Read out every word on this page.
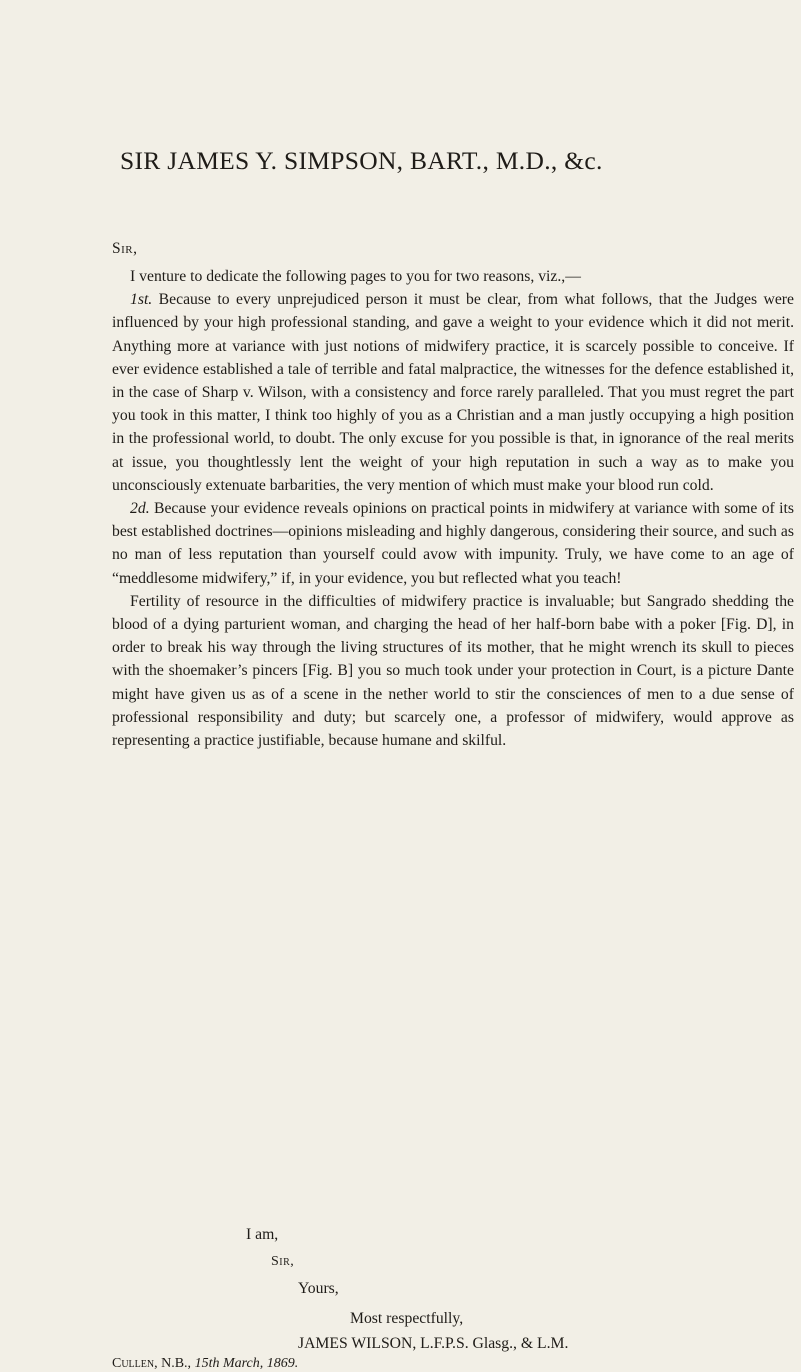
SIR JAMES Y. SIMPSON, BART., M.D., &c.
Sir,

I venture to dedicate the following pages to you for two reasons, viz.,—

1st. Because to every unprejudiced person it must be clear, from what follows, that the Judges were influenced by your high professional standing, and gave a weight to your evidence which it did not merit. Anything more at variance with just notions of midwifery practice, it is scarcely possible to conceive. If ever evidence established a tale of terrible and fatal malpractice, the witnesses for the defence established it, in the case of Sharp v. Wilson, with a consistency and force rarely paralleled. That you must regret the part you took in this matter, I think too highly of you as a Christian and a man justly occupying a high position in the professional world, to doubt. The only excuse for you possible is that, in ignorance of the real merits at issue, you thoughtlessly lent the weight of your high reputation in such a way as to make you unconsciously extenuate barbarities, the very mention of which must make your blood run cold.

2d. Because your evidence reveals opinions on practical points in midwifery at variance with some of its best established doctrines—opinions misleading and highly dangerous, considering their source, and such as no man of less reputation than yourself could avow with impunity. Truly, we have come to an age of “meddlesome midwifery,” if, in your evidence, you but reflected what you teach!

Fertility of resource in the difficulties of midwifery practice is invaluable; but Sangrado shedding the blood of a dying parturient woman, and charging the head of her half-born babe with a poker [Fig. D], in order to break his way through the living structures of its mother, that he might wrench its skull to pieces with the shoemaker’s pincers [Fig. B] you so much took under your protection in Court, is a picture Dante might have given us as of a scene in the nether world to stir the consciences of men to a due sense of professional responsibility and duty; but scarcely one, a professor of midwifery, would approve as representing a practice justifiable, because humane and skilful.

I am,
Sir,
Yours,
Most respectfully,
JAMES WILSON, L.F.P.S. Glasg., & L.M.
Cullen, N.B., 15th March, 1869.
